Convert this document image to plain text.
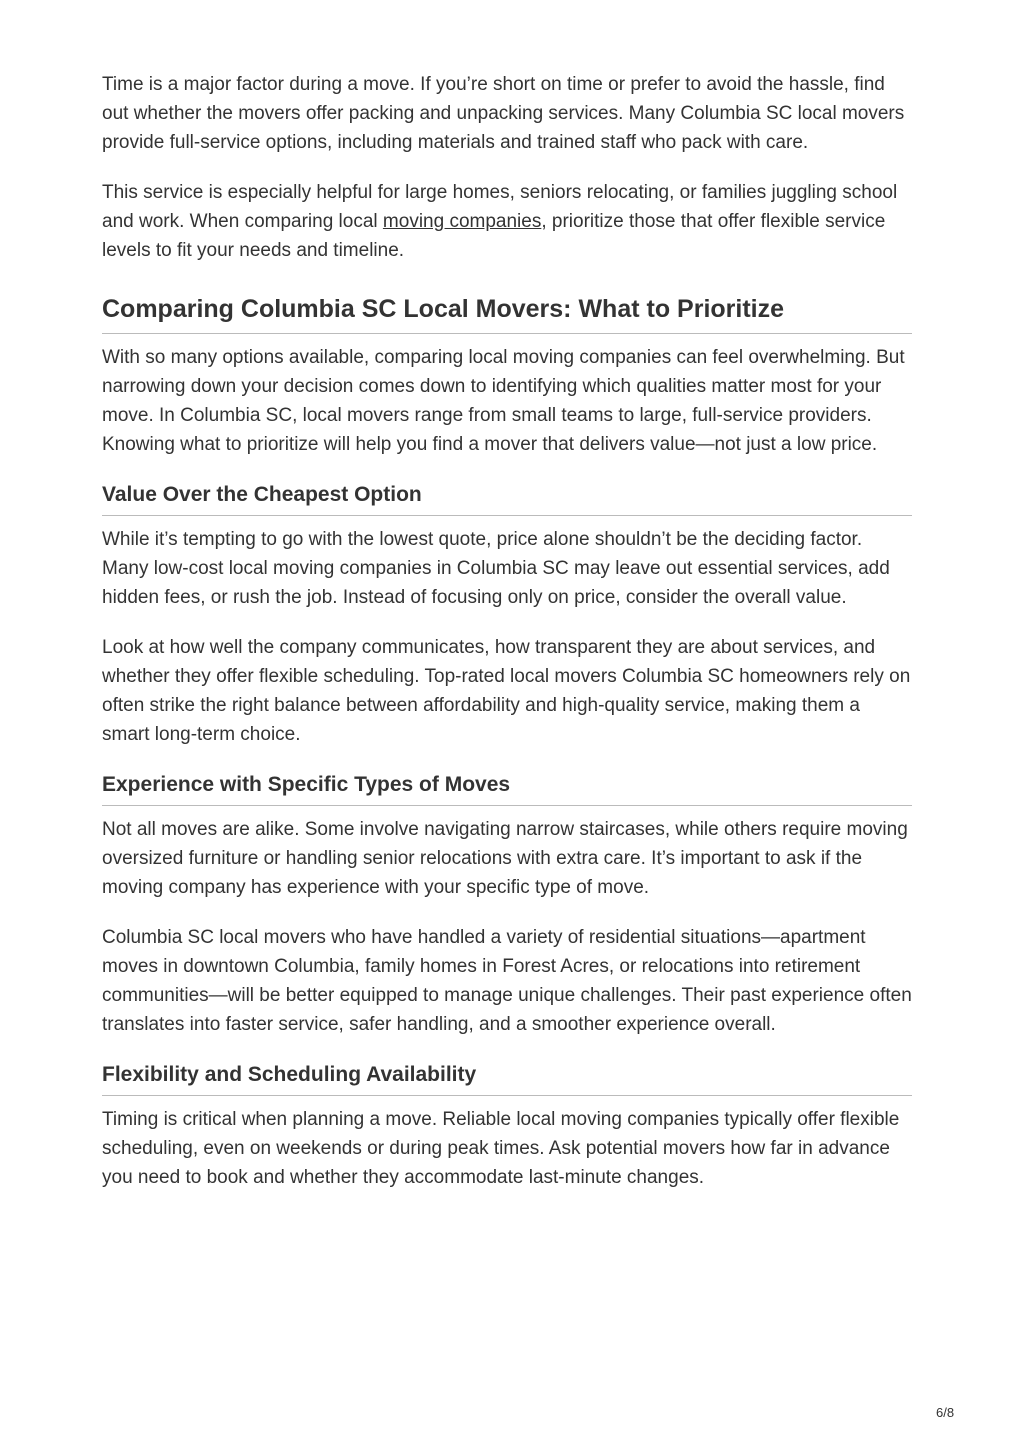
Time is a major factor during a move. If you’re short on time or prefer to avoid the hassle, find out whether the movers offer packing and unpacking services. Many Columbia SC local movers provide full-service options, including materials and trained staff who pack with care.

This service is especially helpful for large homes, seniors relocating, or families juggling school and work. When comparing local moving companies, prioritize those that offer flexible service levels to fit your needs and timeline.

Comparing Columbia SC Local Movers: What to Prioritize

With so many options available, comparing local moving companies can feel overwhelming. But narrowing down your decision comes down to identifying which qualities matter most for your move. In Columbia SC, local movers range from small teams to large, full-service providers. Knowing what to prioritize will help you find a mover that delivers value—not just a low price.

Value Over the Cheapest Option

While it’s tempting to go with the lowest quote, price alone shouldn’t be the deciding factor. Many low-cost local moving companies in Columbia SC may leave out essential services, add hidden fees, or rush the job. Instead of focusing only on price, consider the overall value.

Look at how well the company communicates, how transparent they are about services, and whether they offer flexible scheduling. Top-rated local movers Columbia SC homeowners rely on often strike the right balance between affordability and high-quality service, making them a smart long-term choice.

Experience with Specific Types of Moves

Not all moves are alike. Some involve navigating narrow staircases, while others require moving oversized furniture or handling senior relocations with extra care. It’s important to ask if the moving company has experience with your specific type of move.

Columbia SC local movers who have handled a variety of residential situations—apartment moves in downtown Columbia, family homes in Forest Acres, or relocations into retirement communities—will be better equipped to manage unique challenges. Their past experience often translates into faster service, safer handling, and a smoother experience overall.

Flexibility and Scheduling Availability

Timing is critical when planning a move. Reliable local moving companies typically offer flexible scheduling, even on weekends or during peak times. Ask potential movers how far in advance you need to book and whether they accommodate last-minute changes.

6/8
